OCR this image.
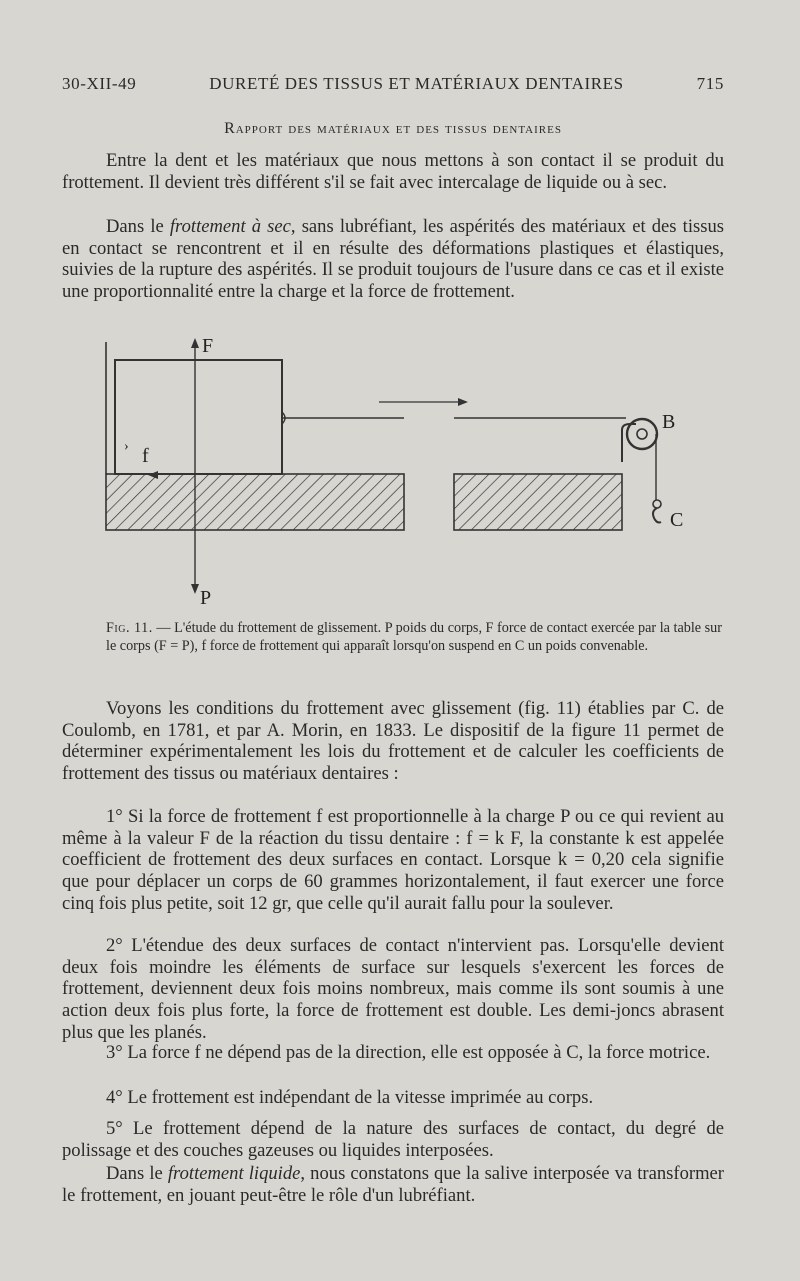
30-XII-49	DURETÉ DES TISSUS ET MATÉRIAUX DENTAIRES	715
Rapport des matériaux et des tissus dentaires

Entre la dent et les matériaux que nous mettons à son contact il se produit du frottement. Il devient très différent s'il se fait avec intercalage de liquide ou à sec.

Dans le frottement à sec, sans lubréfiant, les aspérités des matériaux et des tissus en contact se rencontrent et il en résulte des déformations plastiques et élastiques, suivies de la rupture des aspérités. Il se produit toujours de l'usure dans ce cas et il existe une proportionnalité entre la charge et la force de frottement.

F
f
›
P
B
C

Fig. 11. — L'étude du frottement de glissement. P poids du corps, F force de contact exercée par la table sur le corps (F = P), f force de frottement qui apparaît lorsqu'on suspend en C un poids convenable.

Voyons les conditions du frottement avec glissement (fig. 11) établies par C. de Coulomb, en 1781, et par A. Morin, en 1833. Le dispositif de la figure 11 permet de déterminer expérimentalement les lois du frottement et de calculer les coefficients de frottement des tissus ou matériaux dentaires :

1° Si la force de frottement f est proportionnelle à la charge P ou ce qui revient au même à la valeur F de la réaction du tissu dentaire : f = k F, la constante k est appelée coefficient de frottement des deux surfaces en contact. Lorsque k = 0,20 cela signifie que pour déplacer un corps de 60 grammes horizontalement, il faut exercer une force cinq fois plus petite, soit 12 gr, que celle qu'il aurait fallu pour la soulever.

2° L'étendue des deux surfaces de contact n'intervient pas. Lorsqu'elle devient deux fois moindre les éléments de surface sur lesquels s'exercent les forces de frottement, deviennent deux fois moins nombreux, mais comme ils sont soumis à une action deux fois plus forte, la force de frottement est double. Les demi-joncs abrasent plus que les planés.

3° La force f ne dépend pas de la direction, elle est opposée à C, la force motrice.

4° Le frottement est indépendant de la vitesse imprimée au corps.

5° Le frottement dépend de la nature des surfaces de contact, du degré de polissage et des couches gazeuses ou liquides interposées.

Dans le frottement liquide, nous constatons que la salive interposée va transformer le frottement, en jouant peut-être le rôle d'un lubréfiant.
